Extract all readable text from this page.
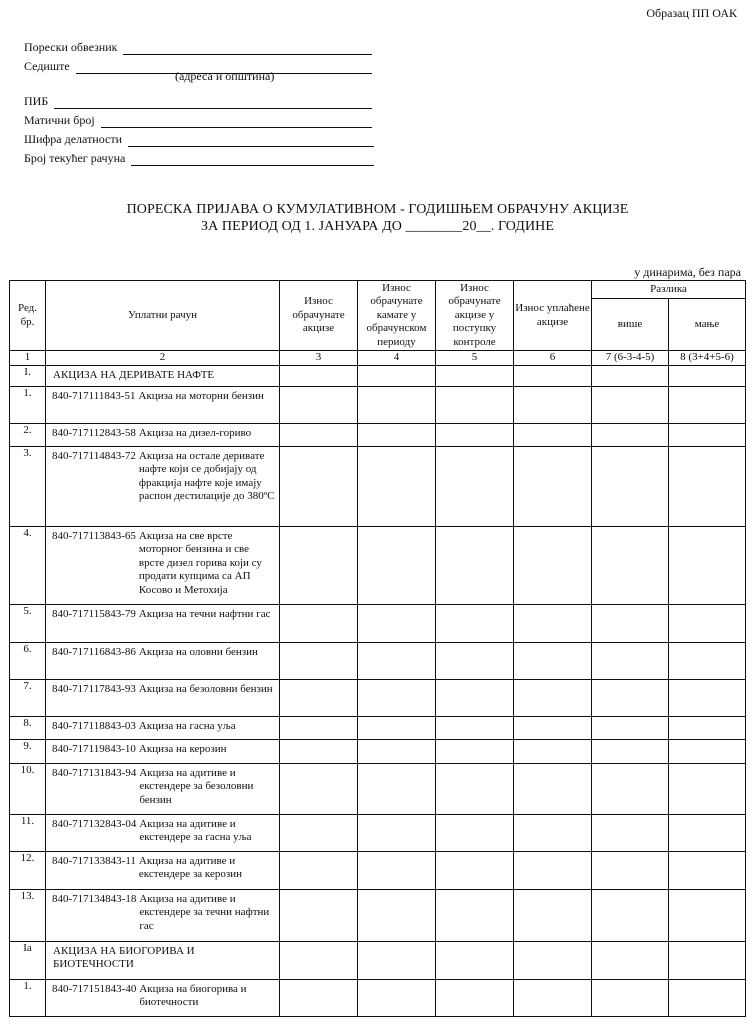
Образац ПП ОАК
Порески обвезник
Седиште
ПИБ
Матични број
Шифра делатности
Број текућег рачуна
(адреса и општина)
ПОРЕСКА ПРИЈАВА О КУМУЛАТИВНОМ - ГОДИШЊЕМ ОБРАЧУНУ АКЦИЗЕ
ЗА ПЕРИОД ОД 1. ЈАНУАРА ДО ________20__. ГОДИНЕ
у динарима, без пара
Ред. бр.	Уплатни рачун	Износ обрачунате акцизе	Износ обрачунате камате у обрачунском периоду	Износ обрачунате акцизе у поступку контроле	Износ уплаћене акцизе	Разлика	
						више	мање
1	2	3	4	5	6	7 (6-3-4-5)	8 (3+4+5-6)
I.	АКЦИЗА НА ДЕРИВАТЕ НАФТЕ						

1.	840-717111843-51 Акциза на моторни бензин						

2.	840-717112843-58 Акциза на дизел-гориво						

3.	840-717114843-72 Акциза на остале деривате нафте који се добијају од фракција нафте које имају распон дестилације до 380ºC						

4.	840-717113843-65 Акциза на све врсте моторног бензина и све врсте дизел горива који су продати купцима са АП Косово и Метохија						

5.	840-717115843-79 Акциза на течни нафтни гас						

6.	840-717116843-86 Акциза на оловни бензин						

7.	840-717117843-93 Акциза на безоловни бензин						

8.	840-717118843-03 Акциза на гасна уља						

9.	840-717119843-10 Акциза на керозин						

10.	840-717131843-94 Акциза на адитиве и екстендере за безоловни бензин						

11.	840-717132843-04 Акциза на адитиве и екстендере за гасна уља						

12.	840-717133843-11 Акциза на адитиве и екстендере за керозин						

13.	840-717134843-18 Акциза на адитиве и екстендере за течни нафтни гас						

Ia	АКЦИЗА НА БИОГОРИВА И БИОТЕЧНОСТИ						

1.	840-717151843-40 Акциза на биогорива и биотечности						
